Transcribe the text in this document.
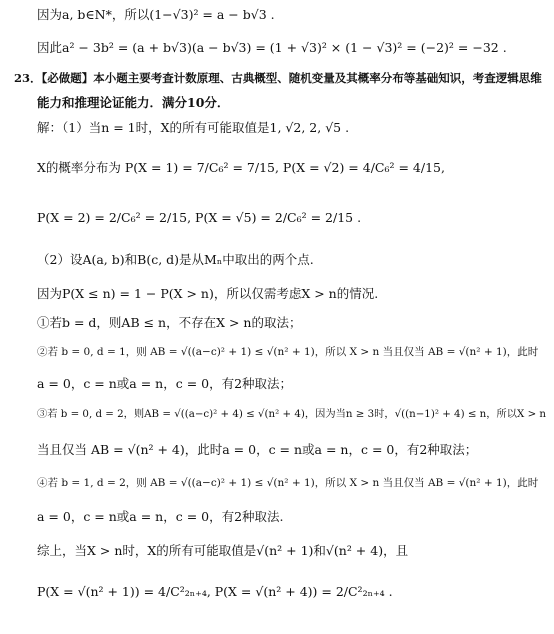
因为a, b∈N*，所以(1−√3)² = a − b√3 .
因此a² − 3b² = (a + b√3)(a − b√3) = (1 + √3)² × (1 − √3)² = (−2)² = −32 .
23．【必做题】本小题主要考查计数原理、古典概型、随机变量及其概率分布等基础知识，考查逻辑思维
能力和推理论证能力．满分10分．
解：（1）当n = 1时，X的所有可能取值是1, √2, 2, √5 .
X的概率分布为 P(X = 1) = 7/C₆² = 7/15, P(X = √2) = 4/C₆² = 4/15,
P(X = 2) = 2/C₆² = 2/15, P(X = √5) = 2/C₆² = 2/15 .
（2）设A(a, b)和B(c, d)是从Mₙ中取出的两个点.
因为P(X ≤ n) = 1 − P(X > n)，所以仅需考虑X > n的情况.
①若b = d，则AB ≤ n，不存在X > n的取法；
②若 b = 0, d = 1，则 AB = √((a−c)² + 1) ≤ √(n² + 1)，所以 X > n 当且仅当 AB = √(n² + 1)，此时
a = 0，c = n或a = n，c = 0，有2种取法；
③若 b = 0, d = 2，则AB = √((a−c)² + 4) ≤ √(n² + 4)，因为当n ≥ 3时，√((n−1)² + 4) ≤ n，所以X > n
当且仅当 AB = √(n² + 4)，此时a = 0，c = n或a = n，c = 0，有2种取法；
④若 b = 1, d = 2，则 AB = √((a−c)² + 1) ≤ √(n² + 1)，所以 X > n 当且仅当 AB = √(n² + 1)，此时
a = 0，c = n或a = n，c = 0，有2种取法.
综上，当X > n时，X的所有可能取值是√(n² + 1)和√(n² + 4)，且
P(X = √(n² + 1)) = 4/C²₂ₙ₊₄, P(X = √(n² + 4)) = 2/C²₂ₙ₊₄ .
